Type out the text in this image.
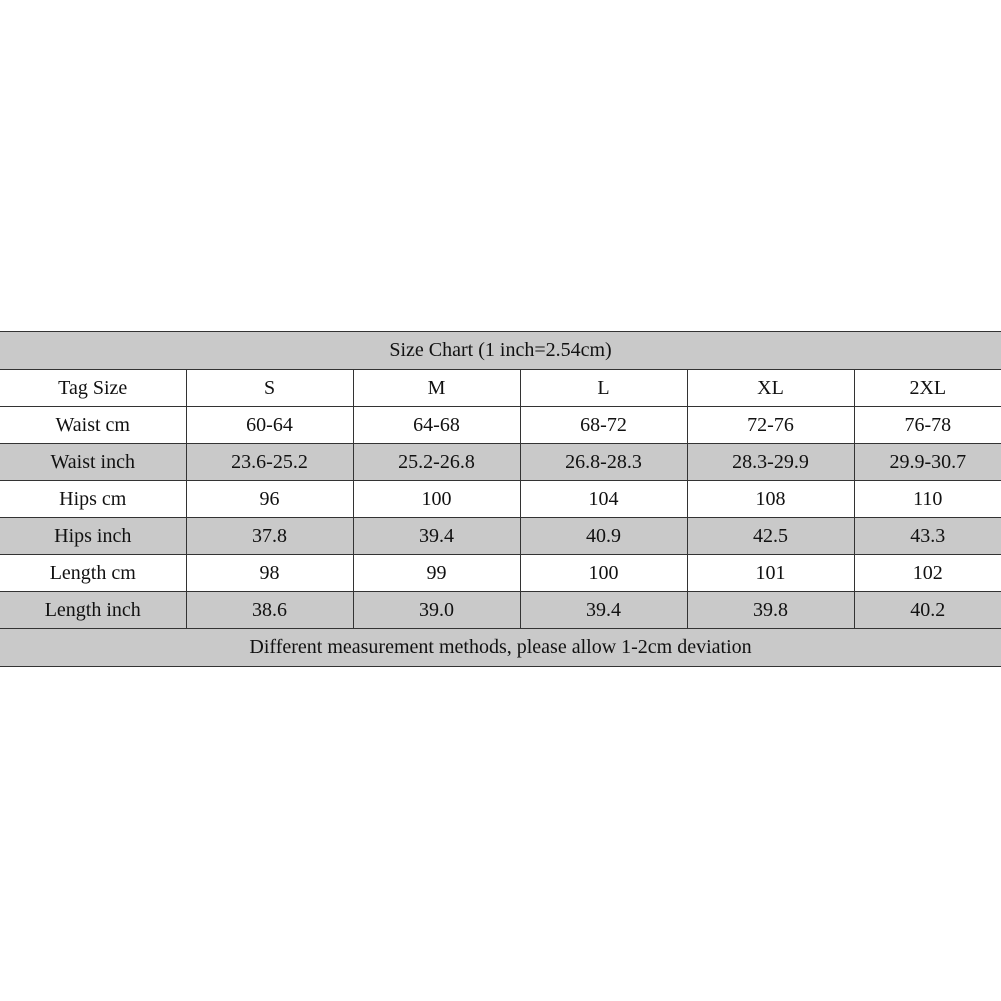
Size Chart (1 inch=2.54cm)					
Tag Size	S	M	L	XL	2XL
Waist cm	60-64	64-68	68-72	72-76	76-78
Waist inch	23.6-25.2	25.2-26.8	26.8-28.3	28.3-29.9	29.9-30.7
Hips cm	96	100	104	108	110
Hips inch	37.8	39.4	40.9	42.5	43.3
Length cm	98	99	100	101	102
Length inch	38.6	39.0	39.4	39.8	40.2
Different measurement methods, please allow 1-2cm deviation					
